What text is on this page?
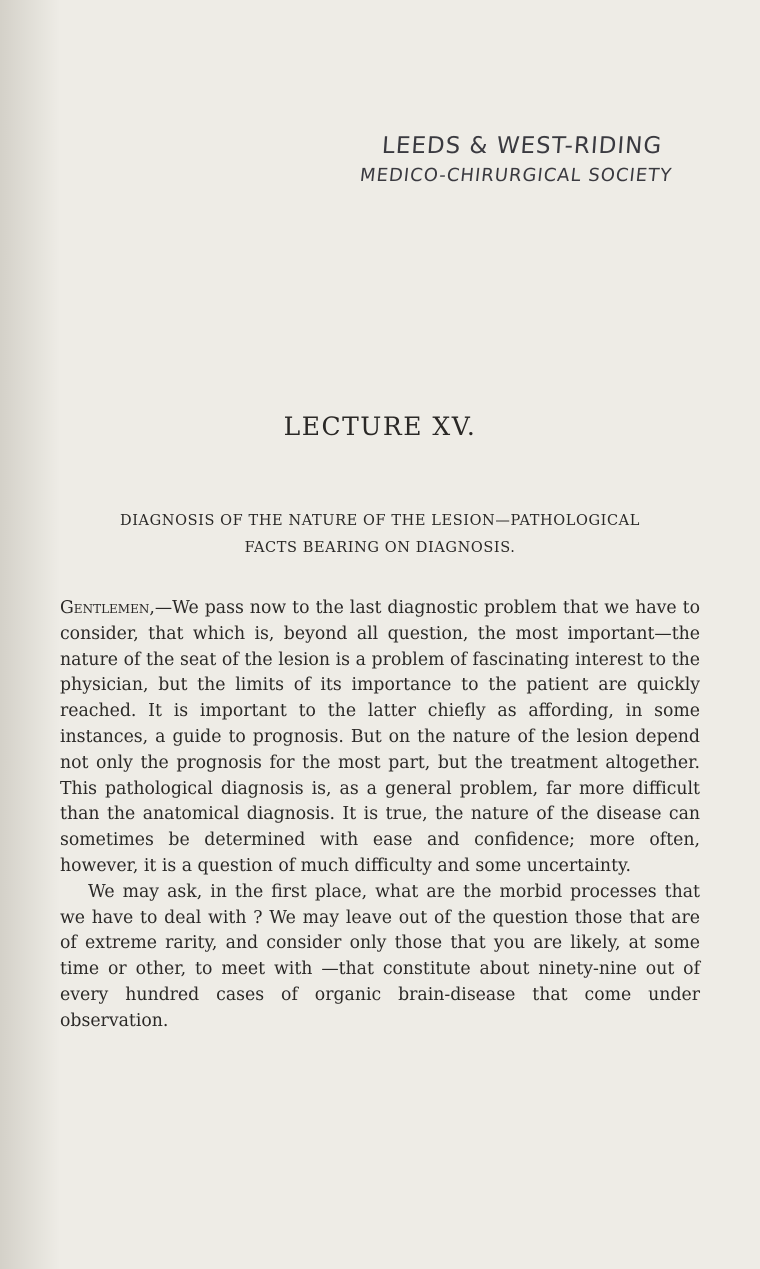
LEEDS & WEST-RIDING
MEDICO-CHIRURGICAL SOCIETY
LECTURE XV.
DIAGNOSIS OF THE NATURE OF THE LESION—PATHOLOGICAL
FACTS BEARING ON DIAGNOSIS.

Gentlemen,—We pass now to the last diagnostic problem that we have to consider, that which is, beyond all question, the most important—the nature of the seat of the lesion is a problem of fascinating interest to the physician, but the limits of its importance to the patient are quickly reached. It is important to the latter chiefly as affording, in some instances, a guide to prognosis. But on the nature of the lesion depend not only the prognosis for the most part, but the treatment altogether. This pathological diagnosis is, as a general problem, far more difficult than the anatomical diagnosis. It is true, the nature of the disease can sometimes be determined with ease and confidence; more often, however, it is a question of much difficulty and some uncertainty.

We may ask, in the first place, what are the morbid processes that we have to deal with ? We may leave out of the question those that are of extreme rarity, and consider only those that you are likely, at some time or other, to meet with —that constitute about ninety-nine out of every hundred cases of organic brain-disease that come under observation.
